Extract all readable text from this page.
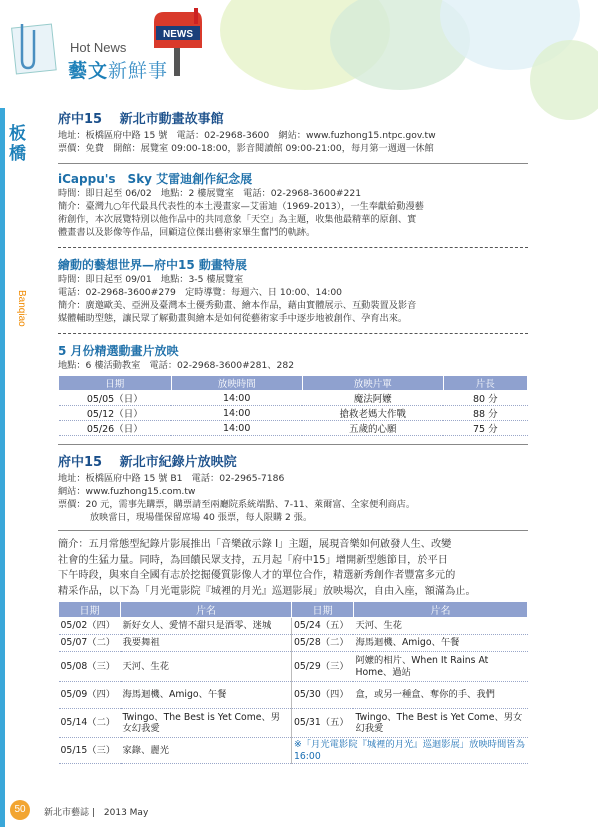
Hot News
藝文新鮮事
NEWS
板橋
Banqiao
府中15　 新北市動畫故事館
地址：板橋區府中路 15 號　電話：02-2968-3600　網站：www.fuzhong15.ntpc.gov.tw
票價：免費　開館：展覽室 09:00-18:00，影音閱讀館 09:00-21:00，每月第一週週一休館
iCappu's　Sky 艾雷迪創作紀念展
時間：即日起至 06/02　地點：2 樓展覽室　電話：02-2968-3600#221
簡介：臺灣九○年代最具代表性的本土漫畫家—艾雷迪（1969-2013），一生奉獻給動漫藝
術創作，本次展覽特別以他作品中的共同意象「天空」為主題，收集他最精華的原創、實
體畫書以及影像等作品，回顧這位傑出藝術家畢生奮鬥的軌跡。
繪動的藝想世界—府中15 動畫特展
時間：即日起至 09/01　地點：3-5 樓展覽室
電話：02-2968-3600#279　定時導覽：每週六、日 10:00、14:00
簡介：廣邀歐美、亞洲及臺灣本土優秀動畫、繪本作品，藉由實體展示、互動裝置及影音
媒體輔助型態，讓民眾了解動畫與繪本是如何從藝術家手中逐步地被創作、孕育出來。
5 月份精選動畫片放映
地點：6 樓活動教室　電話：02-2968-3600#281、282
日期	放映時間	放映片單	片長
05/05（日）	14:00	魔法阿嬤	80 分
05/12（日）	14:00	搶救老媽大作戰	88 分
05/26（日）	14:00	五歲的心願	75 分
府中15　 新北市紀錄片放映院
地址：板橋區府中路 15 號 B1　電話：02-2965-7186
網站：www.fuzhong15.com.tw
票價：20 元，需事先購票，購票請至兩廳院系統端點、7-11、萊爾富、全家便利商店。
放映當日，現場僅保留席場 40 張票，每人限購 2 張。
簡介：五月常態型紀錄片影展推出「音樂啟示錄 I」主題，展現音樂如何啟發人生、改變
社會的生猛力量。同時，為回饋民眾支持，五月起「府中15」增開新型態節目，於平日
下午時段，與來自全國有志於挖掘優質影像人才的單位合作，精選新秀創作者豐富多元的
精采作品，以下為「月光電影院『城裡的月光』巡迴影展」放映場次，自由入座，額滿為止。
日期	片名	日期	片名
05/02（四）	新好女人、愛情不甜只是酒零、迷城	05/24（五）	天河、生花
05/07（二）	我要舞祖	05/28（二）	海馬迴機、Amigo、午餐
05/08（三）	天河、生花	05/29（三）	阿嬤的相片、When It Rains At Home、過站
05/09（四）	海馬迴機、Amigo、午餐	05/30（四）	盒，或另一種盒、奪你的手、我們
05/14（二）	Twingo、The Best is Yet Come、男女幻我愛	05/31（五）	Twingo、The Best is Yet Come、男女幻我愛
05/15（三）	家錄、麗光	※「月光電影院『城裡的月光』巡迴影展」放映時間皆為 16:00	
50	新北市藝誌 |　2013 May
